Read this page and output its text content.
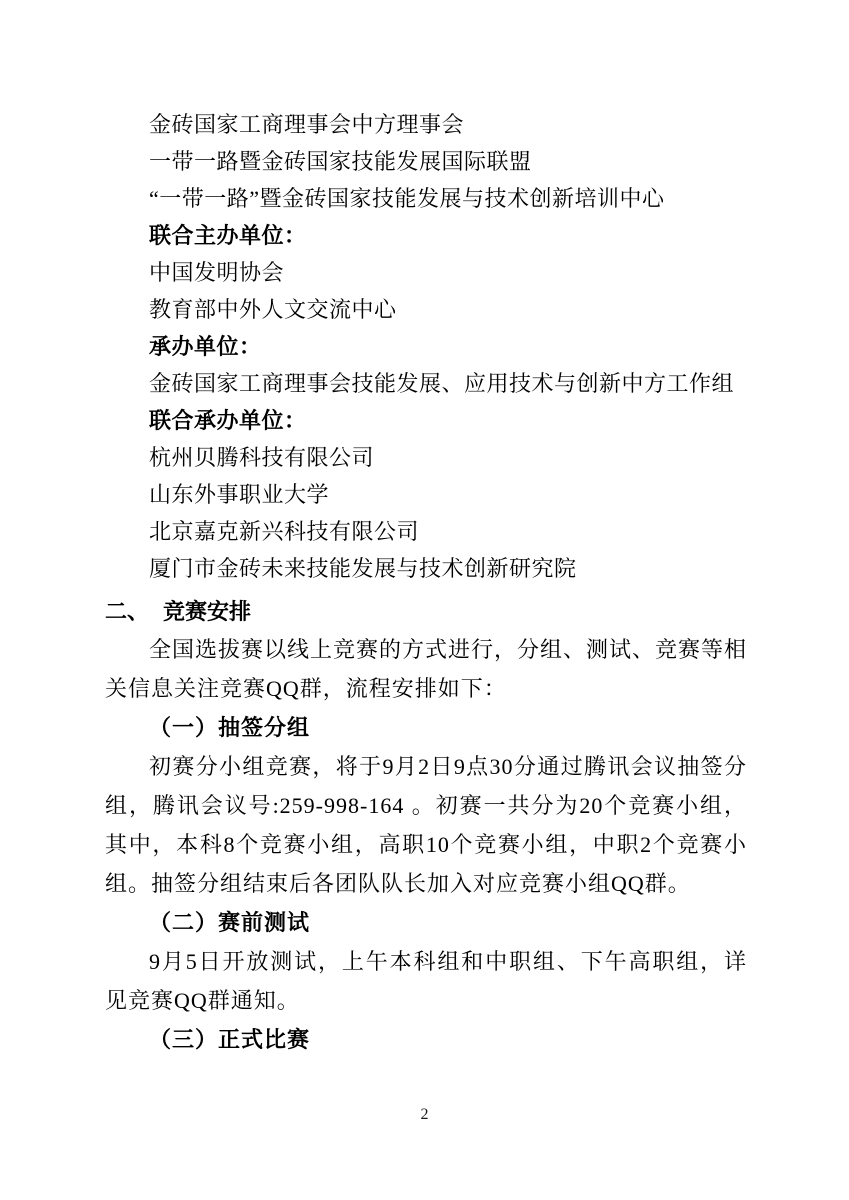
金砖国家工商理事会中方理事会

一带一路暨金砖国家技能发展国际联盟

“一带一路”暨金砖国家技能发展与技术创新培训中心

联合主办单位：

中国发明协会

教育部中外人文交流中心

承办单位：

金砖国家工商理事会技能发展、应用技术与创新中方工作组

联合承办单位：

杭州贝腾科技有限公司

山东外事职业大学

北京嘉克新兴科技有限公司

厦门市金砖未来技能发展与技术创新研究院

二、 竞赛安排

全国选拔赛以线上竞赛的方式进行，分组、测试、竞赛等相关信息关注竞赛QQ群，流程安排如下：

（一）抽签分组

初赛分小组竞赛，将于9月2日9点30分通过腾讯会议抽签分组，腾讯会议号:259-998-164 。初赛一共分为20个竞赛小组，其中，本科8个竞赛小组，高职10个竞赛小组，中职2个竞赛小组。抽签分组结束后各团队队长加入对应竞赛小组QQ群。

（二）赛前测试

9月5日开放测试，上午本科组和中职组、下午高职组，详见竞赛QQ群通知。

（三）正式比赛
2
